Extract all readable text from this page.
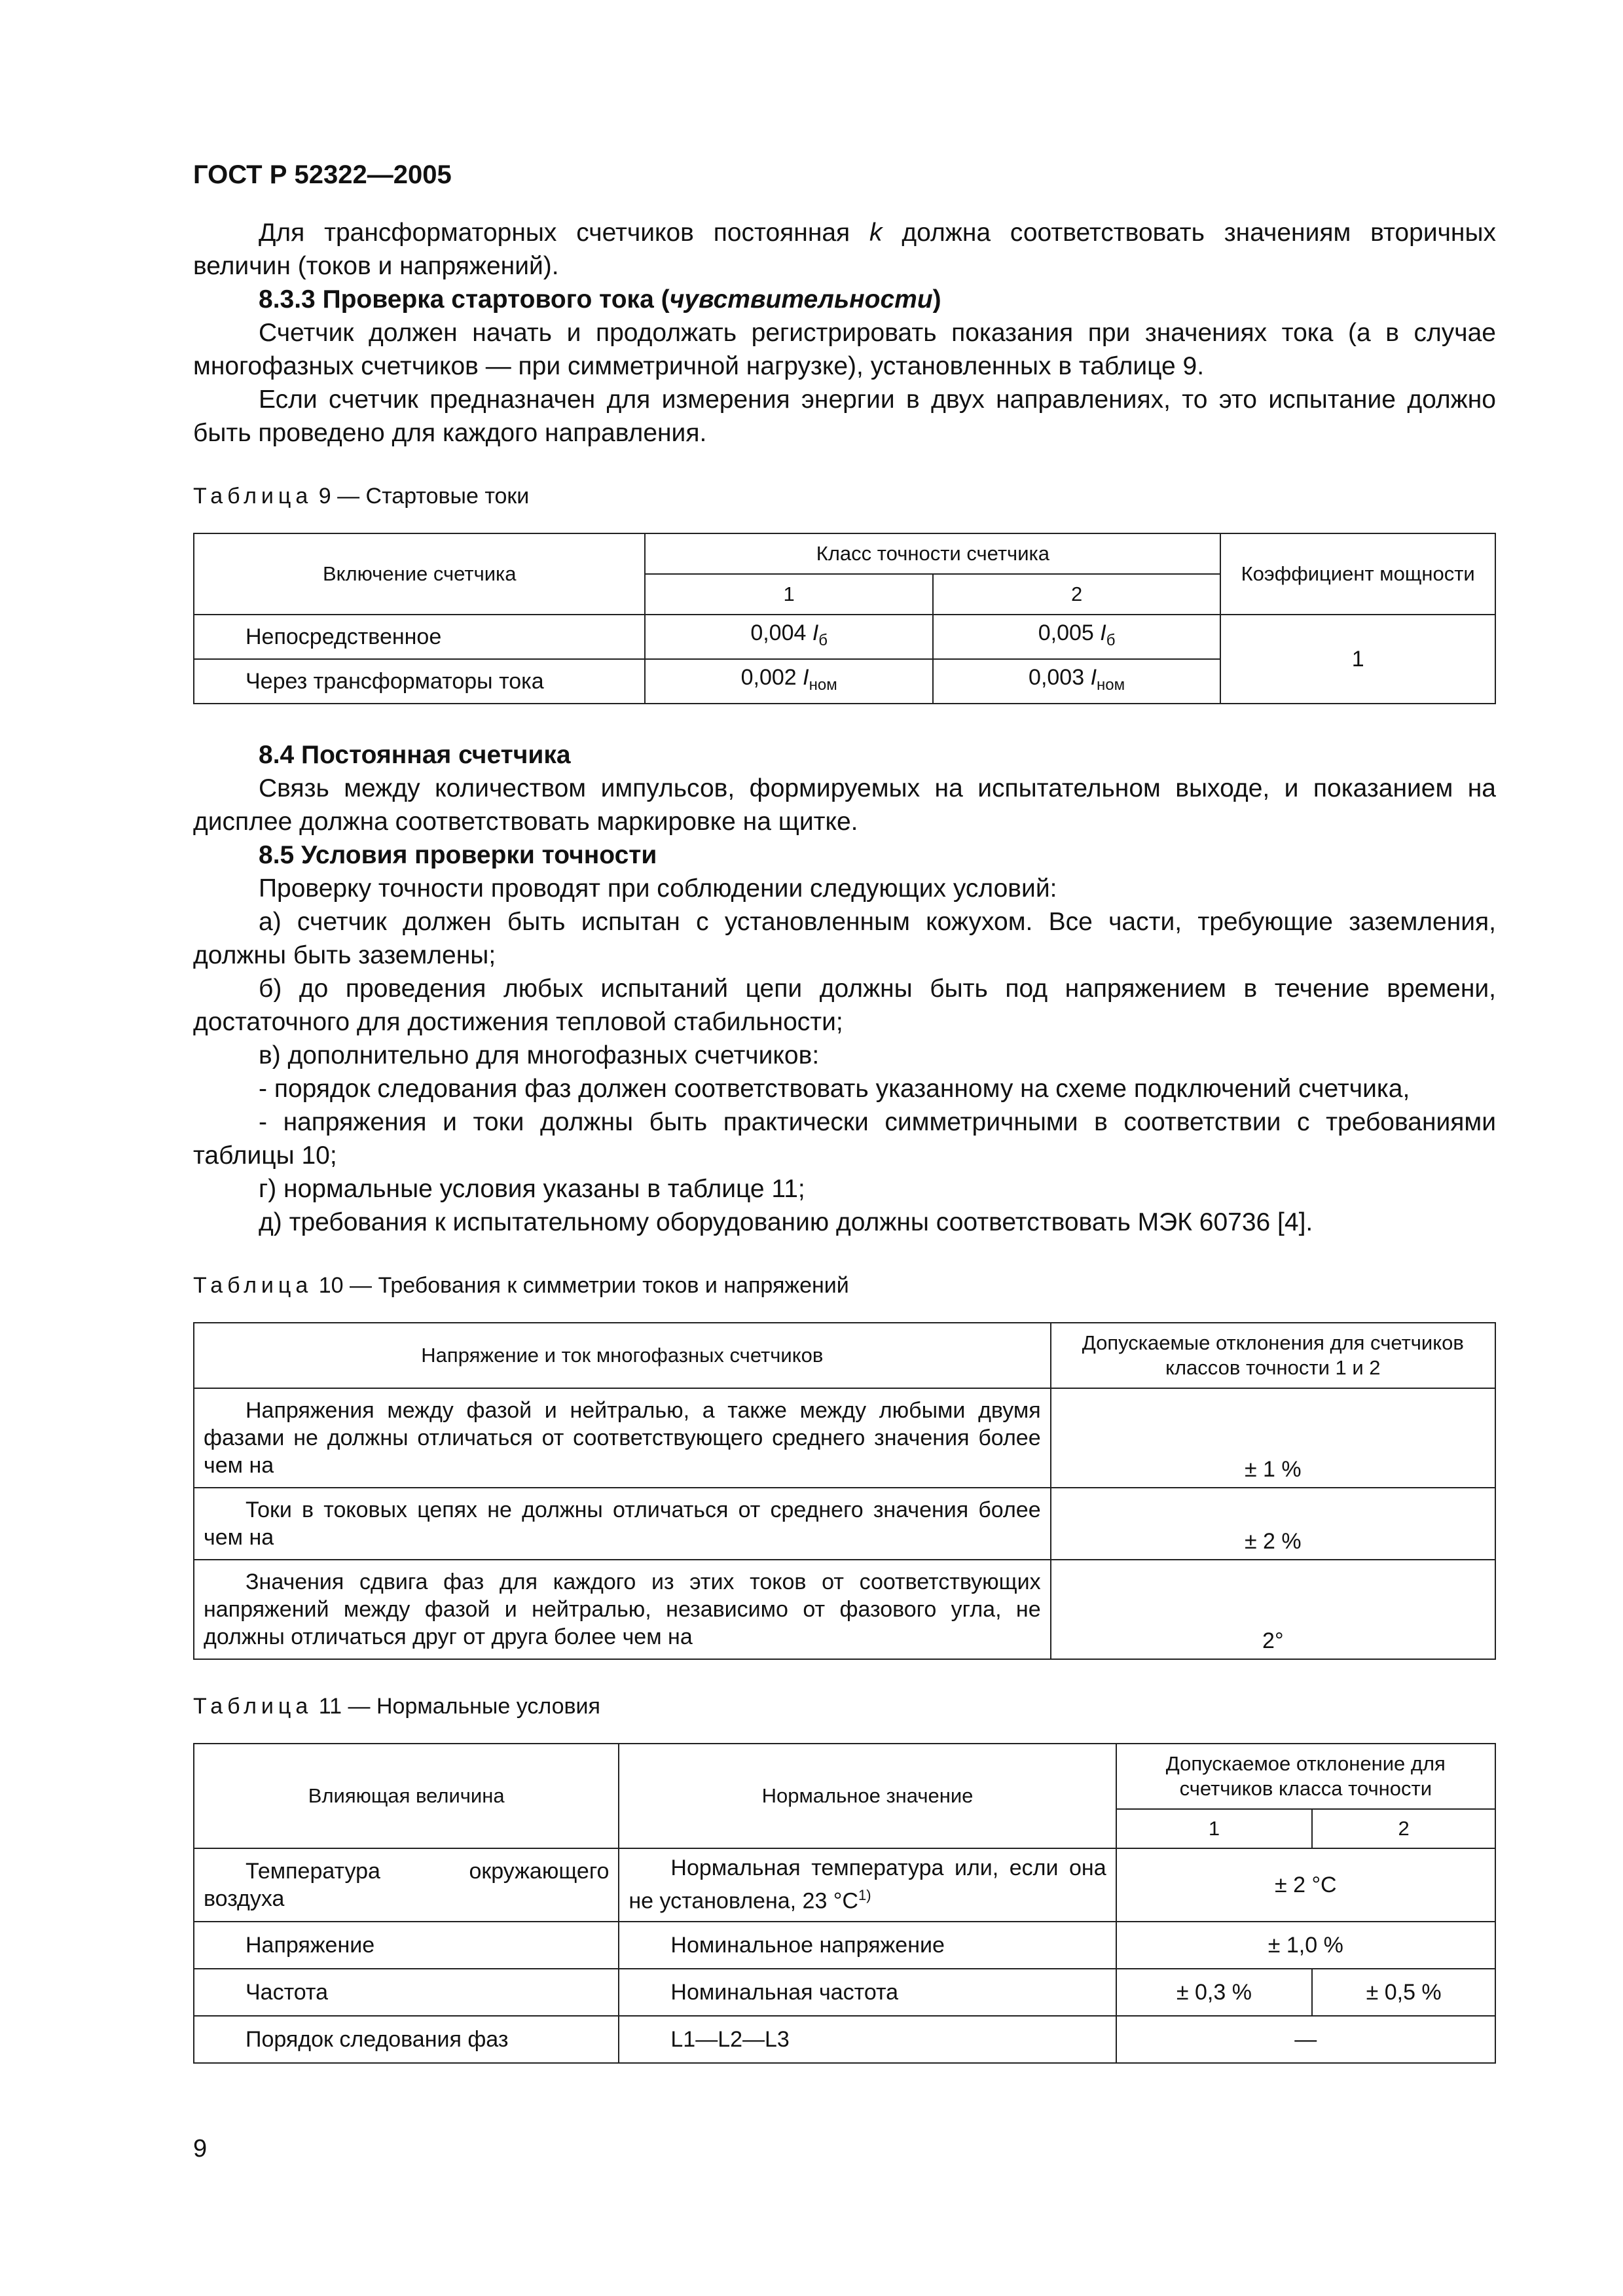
ГОСТ Р 52322—2005

Для трансформаторных счетчиков постоянная k должна соответствовать значениям вторичных величин (токов и напряжений).

8.3.3 Проверка стартового тока (чувствительности)

Счетчик должен начать и продолжать регистрировать показания при значениях тока (а в случае многофазных счетчиков — при симметричной нагрузке), установленных в таблице 9.

Если счетчик предназначен для измерения энергии в двух направлениях, то это испытание должно быть проведено для каждого направления.

Таблица 9 — Стартовые токи
Включение счетчика	Класс точности счетчика		Коэффициент мощности
	1	2	
Непосредственное	0,004 $I_б$	0,005 $I_б$	1
Через трансформаторы тока	0,002 $I_{ном}$	0,003 $I_{ном}$

8.4 Постоянная счетчика

Связь между количеством импульсов, формируемых на испытательном выходе, и показанием на дисплее должна соответствовать маркировке на щитке.

8.5 Условия проверки точности

Проверку точности проводят при соблюдении следующих условий:

а) счетчик должен быть испытан с установленным кожухом. Все части, требующие заземления, должны быть заземлены;

б) до проведения любых испытаний цепи должны быть под напряжением в течение времени, достаточного для достижения тепловой стабильности;

в) дополнительно для многофазных счетчиков:

- порядок следования фаз должен соответствовать указанному на схеме подключений счетчика,

- напряжения и токи должны быть практически симметричными в соответствии с требованиями таблицы 10;

г) нормальные условия указаны в таблице 11;

д) требования к испытательному оборудованию должны соответствовать МЭК 60736 [4].

Таблица 10 — Требования к симметрии токов и напряжений
Напряжение и ток многофазных счетчиков	Допускаемые отклонения для счетчиков классов точности 1 и 2
Напряжения между фазой и нейтралью, а также между любыми двумя фазами не должны отличаться от соответствующего среднего значения более чем на	± 1 %
Токи в токовых цепях не должны отличаться от среднего значения более чем на	± 2 %
Значения сдвига фаз для каждого из этих токов от соответствующих напряжений между фазой и нейтралью, независимо от фазового угла, не должны отличаться друг от друга более чем на	2°
Таблица 11 — Нормальные условия
Влияющая величина	Нормальное значение	Допускаемое отклонение для счетчиков класса точности	
		1	2
Температура окружающего воздуха	Нормальная температура или, если она не установлена, 23 $^\circ С^{1)}$	± 2 °С	
Напряжение	Номинальное напряжение	± 1,0 %	
Частота	Номинальная частота	± 0,3 %	± 0,5 %
Порядок следования фаз	L1—L2—L3	—	
9
